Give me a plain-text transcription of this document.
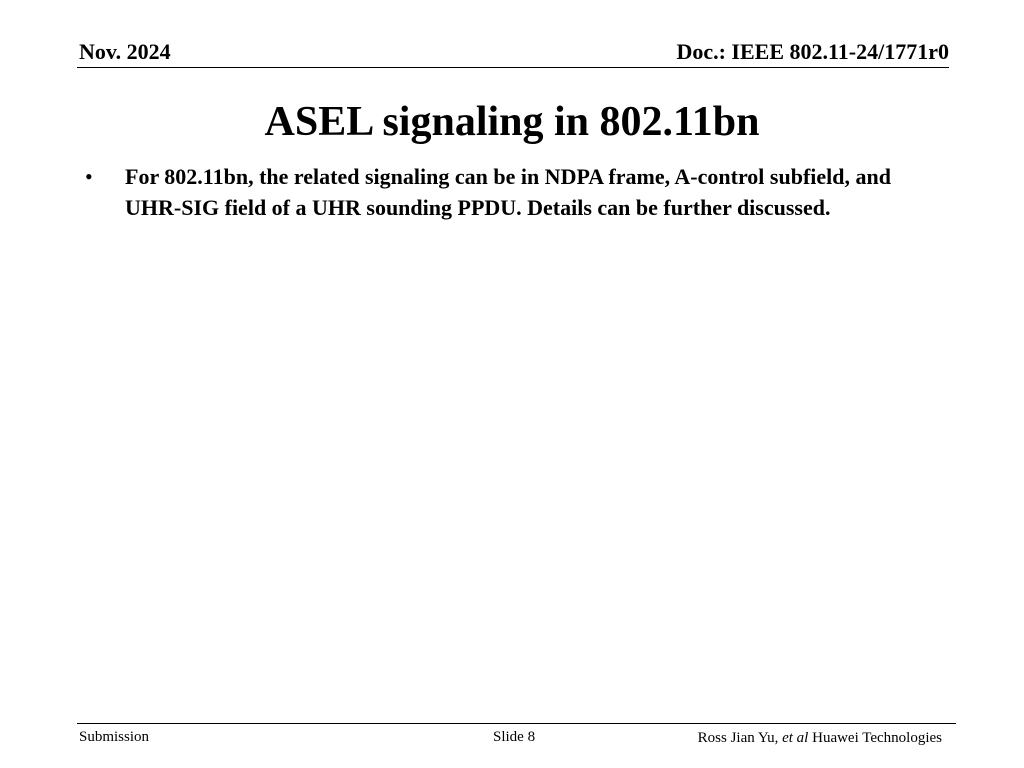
Nov. 2024	Doc.: IEEE 802.11-24/1771r0
ASEL signaling in 802.11bn
• For 802.11bn, the related signaling can be in NDPA frame, A-control subfield, and UHR-SIG field of a UHR sounding PPDU. Details can be further discussed.
Submission	Slide 8	Ross Jian Yu, et al Huawei Technologies
